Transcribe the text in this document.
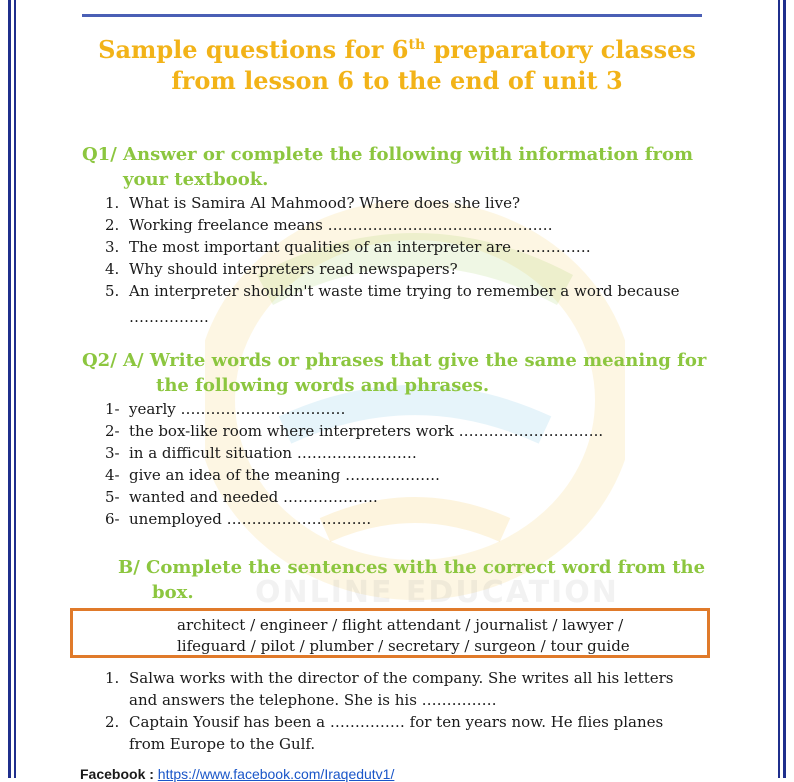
ONLINE EDUCATION
Sample questions for 6th preparatory classes
from lesson 6 to the end of unit 3
Q1/ Answer or complete the following with information from
your textbook.
1. What is Samira Al Mahmood? Where does she live?
2. Working freelance means ………………………………………
3. The most important qualities of an interpreter are ……………
4. Why should interpreters read newspapers?
5. An interpreter shouldn't waste time trying to remember a word because
…………….
Q2/ A/ Write words or phrases that give the same meaning for
the following words and phrases.
1- yearly ……………………………
2- the box-like room where interpreters work ………………………..
3- in a difficult situation ……………………
4- give an idea of the meaning ……………….
5- wanted and needed ……………….
6- unemployed ………………………..
B/ Complete the sentences with the correct word from the
box.
architect / engineer / flight attendant / journalist / lawyer /
lifeguard / pilot / plumber / secretary / surgeon / tour guide
1. Salwa works with the director of the company. She writes all his letters
and answers the telephone. She is his ……………
2. Captain Yousif has been a …………… for ten years now. He flies planes
from Europe to the Gulf.
Facebook : https://www.facebook.com/Iraqedutv1/
